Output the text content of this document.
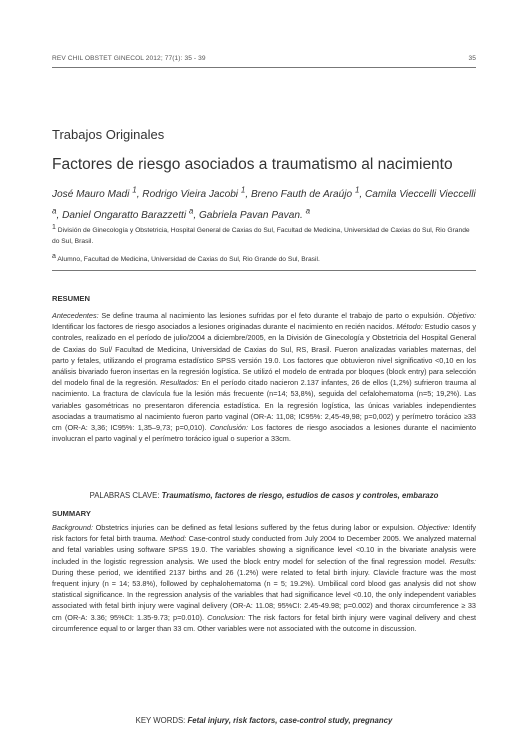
REV CHIL OBSTET GINECOL 2012; 77(1): 35 - 39	35
Trabajos Originales
Factores de riesgo asociados a traumatismo al nacimiento
José Mauro Madi $^1$, Rodrigo Vieira Jacobi $^1$, Breno Fauth de Araújo $^1$, Camila Vieccelli Vieccelli $^a$, Daniel Ongaratto Barazzetti $^a$, Gabriela Pavan Pavan. $^a$
$^1$ División de Ginecología y Obstetricia, Hospital General de Caxias do Sul, Facultad de Medicina, Universidad de Caxias do Sul, Rio Grande do Sul, Brasil.
$^a$ Alumno, Facultad de Medicina, Universidad de Caxias do Sul, Rio Grande do Sul, Brasil.
RESUMEN
Antecedentes: Se define trauma al nacimiento las lesiones sufridas por el feto durante el trabajo de parto o expulsión. Objetivo: Identificar los factores de riesgo asociados a lesiones originadas durante el nacimiento en recién nacidos. Método: Estudio casos y controles, realizado en el período de julio/2004 a diciembre/2005, en la División de Ginecología y Obstetricia del Hospital General de Caxias do Sul/ Facultad de Medicina, Universidad de Caxias do Sul, RS, Brasil. Fueron analizadas variables maternas, del parto y fetales, utilizando el programa estadístico SPSS versión 19.0. Los factores que obtuvieron nivel significativo <0,10 en los análisis bivariado fueron insertas en la regresión logística. Se utilizó el modelo de entrada por bloques (block entry) para selección del modelo final de la regresión. Resultados: En el período citado nacieron 2.137 infantes, 26 de ellos (1,2%) sufrieron trauma al nacimiento. La fractura de clavícula fue la lesión más frecuente (n=14; 53,8%), seguida del cefalohematoma (n=5; 19,2%). Las variables gasométricas no presentaron diferencia estadística. En la regresión logística, las únicas variables independientes asociadas a traumatismo al nacimiento fueron parto vaginal (OR-A: 11,08; IC95%: 2,45-49,98; p=0,002) y perímetro torácico ≥33 cm (OR-A: 3,36; IC95%: 1,35–9,73; p=0,010). Conclusión: Los factores de riesgo asociados a lesiones durante el nacimiento involucran el parto vaginal y el perímetro torácico igual o superior a 33cm.
PALABRAS CLAVE: Traumatismo, factores de riesgo, estudios de casos y controles, embarazo
SUMMARY
Background: Obstetrics injuries can be defined as fetal lesions suffered by the fetus during labor or expulsion. Objective: Identify risk factors for fetal birth trauma. Method: Case-control study conducted from July 2004 to December 2005. We analyzed maternal and fetal variables using software SPSS 19.0. The variables showing a significance level <0.10 in the bivariate analysis were included in the logistic regression analysis. We used the block entry model for selection of the final regression model. Results: During these period, we identified 2137 births and 26 (1.2%) were related to fetal birth injury. Clavicle fracture was the most frequent injury (n = 14; 53.8%), followed by cephalohematoma (n = 5; 19.2%). Umbilical cord blood gas analysis did not show statistical significance. In the regression analysis of the variables that had significance level <0.10, the only independent variables associated with fetal birth injury were vaginal delivery (OR-A: 11.08; 95%CI: 2.45-49.98; p=0.002) and thorax circumference ≥ 33 cm (OR-A: 3.36; 95%CI: 1.35-9.73; p=0.010). Conclusion: The risk factors for fetal birth injury were vaginal delivery and chest circumference equal to or larger than 33 cm. Other variables were not associated with the outcome in discussion.
KEY WORDS: Fetal injury, risk factors, case-control study, pregnancy
